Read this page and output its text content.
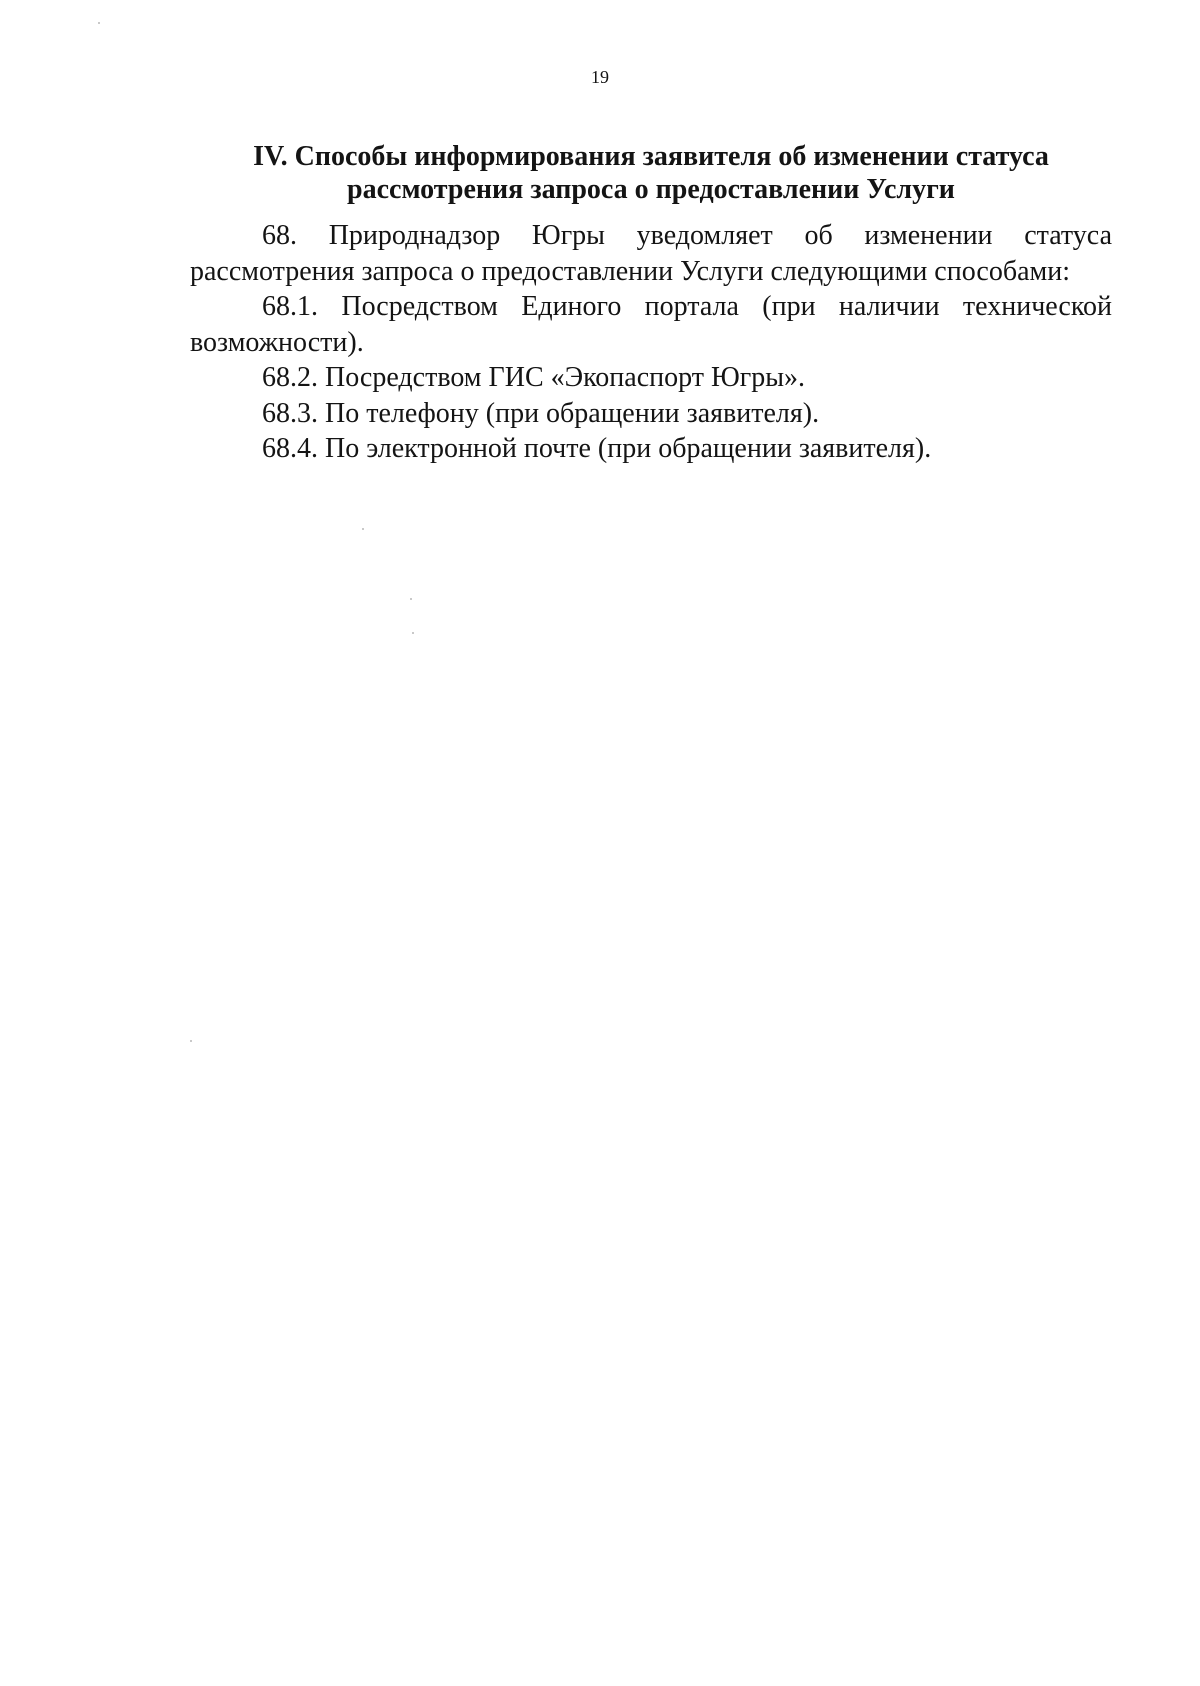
19
IV. Способы информирования заявителя об изменении статуса
рассмотрения запроса о предоставлении Услуги

68. Природнадзор Югры уведомляет об изменении статуса рассмотрения запроса о предоставлении Услуги следующими способами:

68.1. Посредством Единого портала (при наличии технической возможности).

68.2. Посредством ГИС «Экопаспорт Югры».

68.3. По телефону (при обращении заявителя).

68.4. По электронной почте (при обращении заявителя).
